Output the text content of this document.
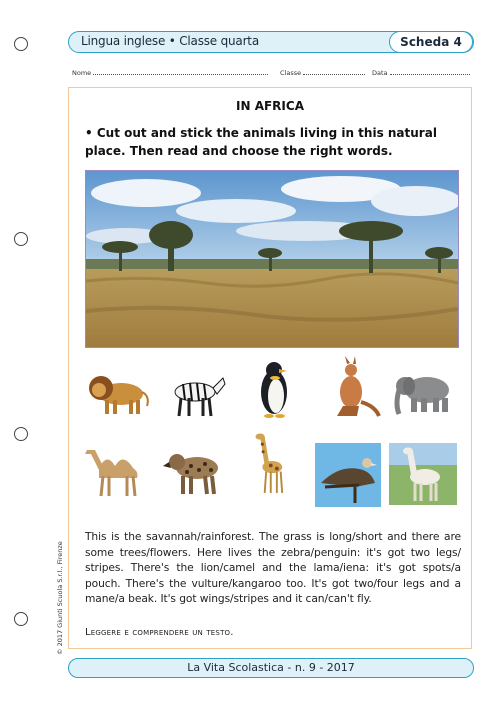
Lingua inglese • Classe quarta	Scheda 4
Nome	Classe	Data
IN AFRICA
• Cut out and stick the animals living in this natural place. Then read and choose the right words.
This is the savannah/rainforest. The grass is long/short and there are some trees/flowers. Here lives the zebra/penguin: it's got two legs/ stripes. There's the lion/camel and the lama/iena: it's got spots/a pouch. There's the vulture/kangaroo too. It's got two/four legs and a mane/a beak. It's got wings/stripes and it can/can't fly.
Leggere e comprendere un testo.
© 2017 Giunti Scuola S.r.l., Firenze
La Vita Scolastica - n. 9 - 2017
